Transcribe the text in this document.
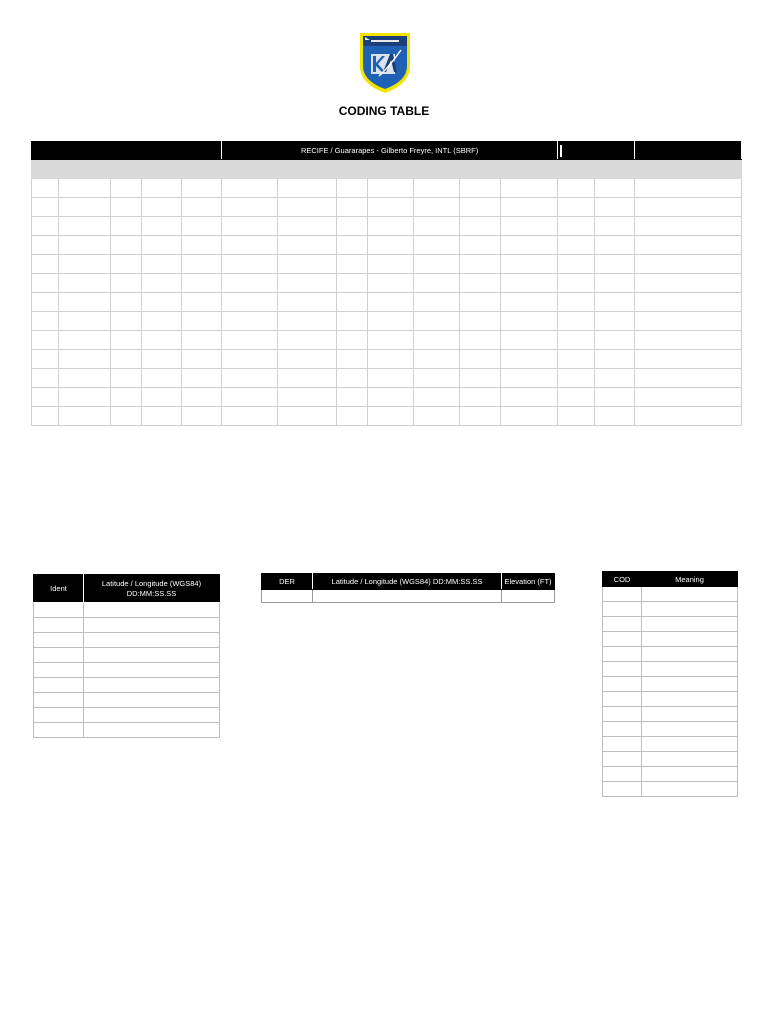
CODING TABLE
					RECIFE / Guararapes - Gilberto Freyre, INTL (SBRF)										

Ident	Latitude / Longitude (WGS84)
DD:MM:SS.SS

DER	Latitude / Longitude (WGS84) DD:MM:SS.SS	Elevation (FT)
			COD	Meaning
